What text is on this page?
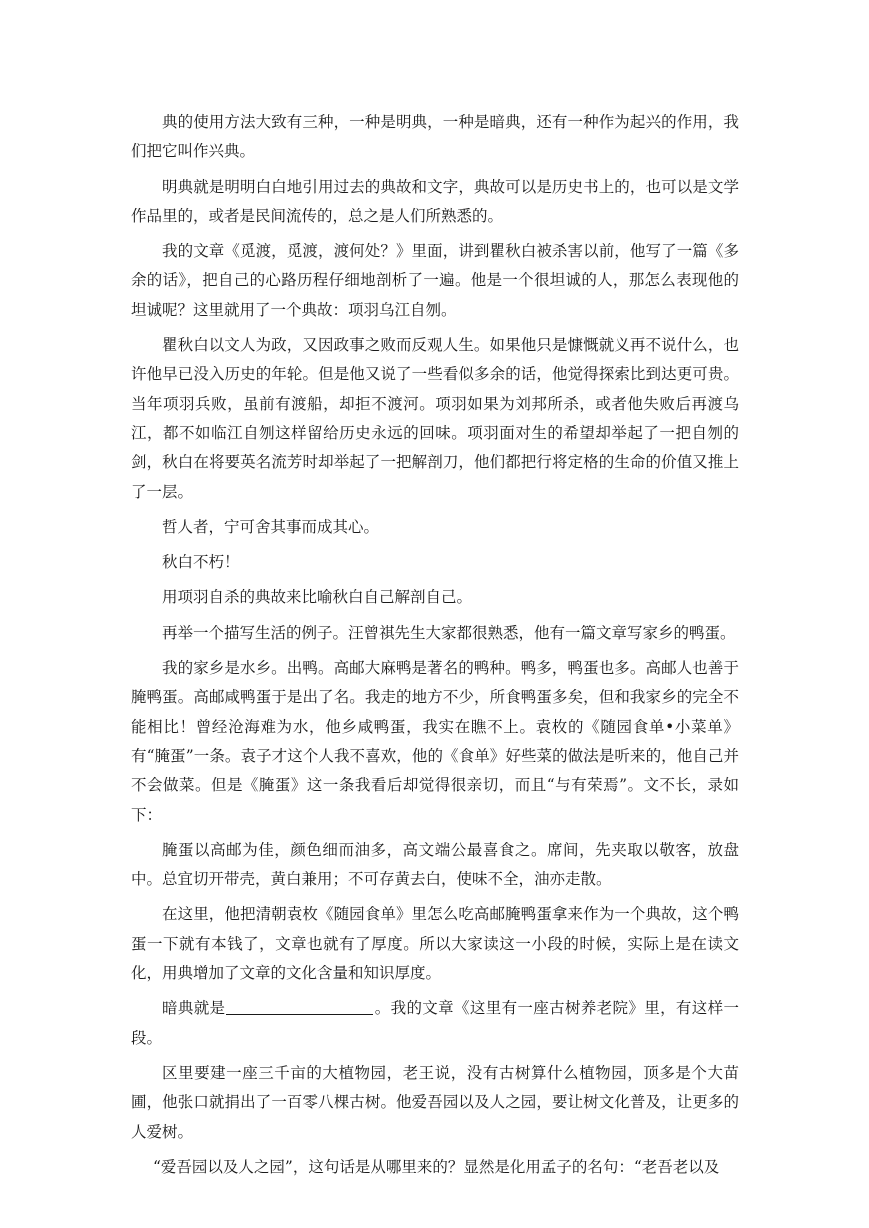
典的使用方法大致有三种，一种是明典，一种是暗典，还有一种作为起兴的作用，我们把它叫作兴典。

明典就是明明白白地引用过去的典故和文字，典故可以是历史书上的，也可以是文学作品里的，或者是民间流传的，总之是人们所熟悉的。

我的文章《觅渡，觅渡，渡何处？》里面，讲到瞿秋白被杀害以前，他写了一篇《多余的话》，把自己的心路历程仔细地剖析了一遍。他是一个很坦诚的人，那怎么表现他的坦诚呢？这里就用了一个典故：项羽乌江自刎。

瞿秋白以文人为政，又因政事之败而反观人生。如果他只是慷慨就义再不说什么，也许他早已没入历史的年轮。但是他又说了一些看似多余的话，他觉得探索比到达更可贵。当年项羽兵败，虽前有渡船，却拒不渡河。项羽如果为刘邦所杀，或者他失败后再渡乌江，都不如临江自刎这样留给历史永远的回味。项羽面对生的希望却举起了一把自刎的剑，秋白在将要英名流芳时却举起了一把解剖刀，他们都把行将定格的生命的价值又推上了一层。

哲人者，宁可舍其事而成其心。

秋白不朽！

用项羽自杀的典故来比喻秋白自己解剖自己。

再举一个描写生活的例子。汪曾祺先生大家都很熟悉，他有一篇文章写家乡的鸭蛋。

我的家乡是水乡。出鸭。高邮大麻鸭是著名的鸭种。鸭多，鸭蛋也多。高邮人也善于腌鸭蛋。高邮咸鸭蛋于是出了名。我走的地方不少，所食鸭蛋多矣，但和我家乡的完全不能相比！曾经沧海难为水，他乡咸鸭蛋，我实在瞧不上。袁枚的《随园食单•小菜单》有“腌蛋”一条。袁子才这个人我不喜欢，他的《食单》好些菜的做法是听来的，他自己并不会做菜。但是《腌蛋》这一条我看后却觉得很亲切，而且“与有荣焉”。文不长，录如下：

腌蛋以高邮为佳，颜色细而油多，高文端公最喜食之。席间，先夹取以敬客，放盘中。总宜切开带壳，黄白兼用；不可存黄去白，使味不全，油亦走散。

在这里，他把清朝袁枚《随园食单》里怎么吃高邮腌鸭蛋拿来作为一个典故，这个鸭蛋一下就有本钱了，文章也就有了厚度。所以大家读这一小段的时候，实际上是在读文化，用典增加了文章的文化含量和知识厚度。

暗典就是	。我的文章《这里有一座古树养老院》里，有这样一段。

区里要建一座三千亩的大植物园，老王说，没有古树算什么植物园，顶多是个大苗圃，他张口就捐出了一百零八棵古树。他爱吾园以及人之园，要让树文化普及，让更多的人爱树。

“爱吾园以及人之园”，这句话是从哪里来的？显然是化用孟子的名句：“老吾老以及
